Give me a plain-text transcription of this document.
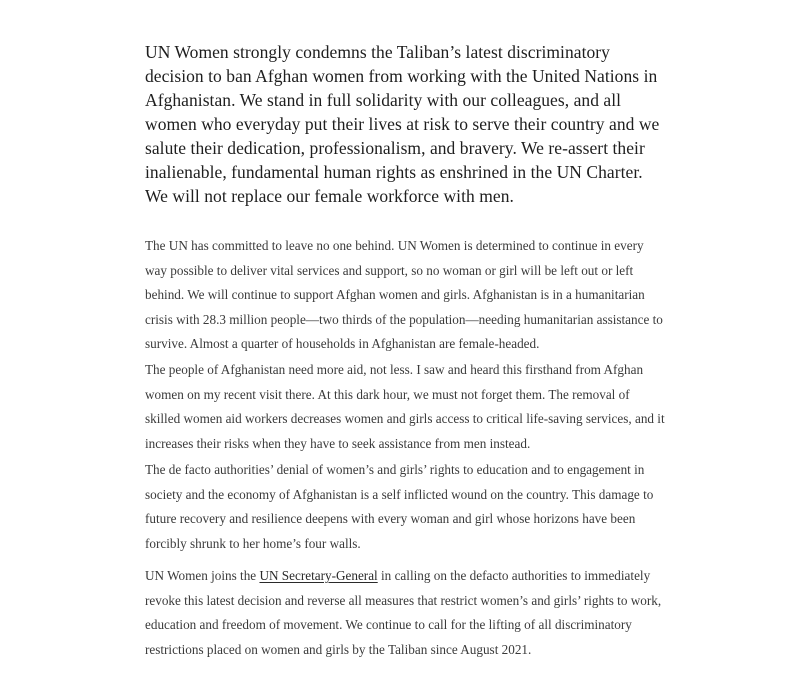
UN Women strongly condemns the Taliban’s latest discriminatory decision to ban Afghan women from working with the United Nations in Afghanistan. We stand in full solidarity with our colleagues, and all women who everyday put their lives at risk to serve their country and we salute their dedication, professionalism, and bravery. We re-assert their inalienable, fundamental human rights as enshrined in the UN Charter. We will not replace our female workforce with men.

The UN has committed to leave no one behind. UN Women is determined to continue in every way possible to deliver vital services and support, so no woman or girl will be left out or left behind. We will continue to support Afghan women and girls. Afghanistan is in a humanitarian crisis with 28.3 million people—two thirds of the population—needing humanitarian assistance to survive. Almost a quarter of households in Afghanistan are female-headed.

The people of Afghanistan need more aid, not less. I saw and heard this firsthand from Afghan women on my recent visit there. At this dark hour, we must not forget them. The removal of skilled women aid workers decreases women and girls access to critical life-saving services, and it increases their risks when they have to seek assistance from men instead.

The de facto authorities’ denial of women’s and girls’ rights to education and to engagement in society and the economy of Afghanistan is a self inflicted wound on the country. This damage to future recovery and resilience deepens with every woman and girl whose horizons have been forcibly shrunk to her home’s four walls.

UN Women joins the UN Secretary-General in calling on the defacto authorities to immediately revoke this latest decision and reverse all measures that restrict women’s and girls’ rights to work, education and freedom of movement. We continue to call for the lifting of all discriminatory restrictions placed on women and girls by the Taliban since August 2021.
